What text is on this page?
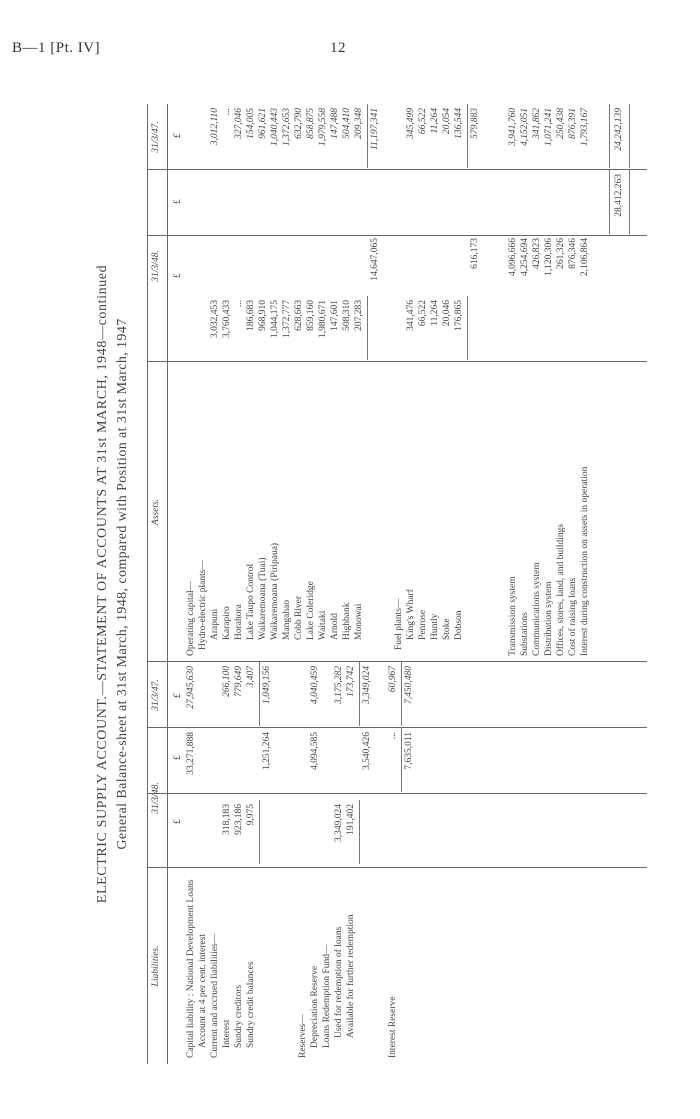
B—1 [Pt. IV]	12
ELECTRIC SUPPLY ACCOUNT.—STATEMENT OF ACCOUNTS AT 31st MARCH, 1948—continued General Balance-sheet at 31st March, 1948, compared with Position at 31st March, 1947
Liabilities.
31/3/48.
31/3/47.
Assets.
31/3/48.
31/3/47.
£
£
£
£
£
£
Capital liability : National Development Loans Account at 4 per cent. interest
33,271,888
27,945,630
Current and accrued liabilities— Interest
318,183
266,100
Sundry creditors
923,186
779,649
Sundry credit balances
9,975
3,407
1,251,264
1,049,156
Reserves— Depreciation Reserve
4,094,585
4,040,459
Loans Redemption Fund— Used for redemption of loans
3,349,024
3,175,282
Available for further redemption
191,402
173,742
3,540,426
3,349,024
Interest Reserve
...
60,967
7,635,011
7,450,480
Operating capital— Hydro-electric plants— Arapuni
3,032,453
3,012,110
Karapiro
3,760,433
...
Horahora
...
327,046
Lake Taupo Control
186,683
154,005
Waikaremoana (Tuai)
968,910
961,621
Waikaremoana (Piripaua)
1,044,175
1,040,443
Mangahao
1,372,777
1,372,653
Cobb River
628,663
632,790
Lake Coleridge
859,160
858,875
Waitaki
1,980,671
1,979,558
Arnold
147,601
147,488
Highbank
508,310
504,410
Monowai
207,283
209,348
14,647,065
11,197,341
Fuel plants— King's Wharf
341,476
345,499
Penrose
66,522
66,522
Huntly
11,264
11,264
Stoke
20,046
20,054
Dobson
176,865
136,544
616,173
579,883
Transmission system
4,096,666
3,941,760
Substations
4,254,694
4,152,051
Communications system
426,823
341,862
Distribution system
1,120,306
1,071,241
Offices, stores, land, and buildings
261,326
250,438
Cost of raising loans
876,346
876,391
Interest during construction on assets in operation
2,106,864
1,793,167
28,412,263
24,242,139
